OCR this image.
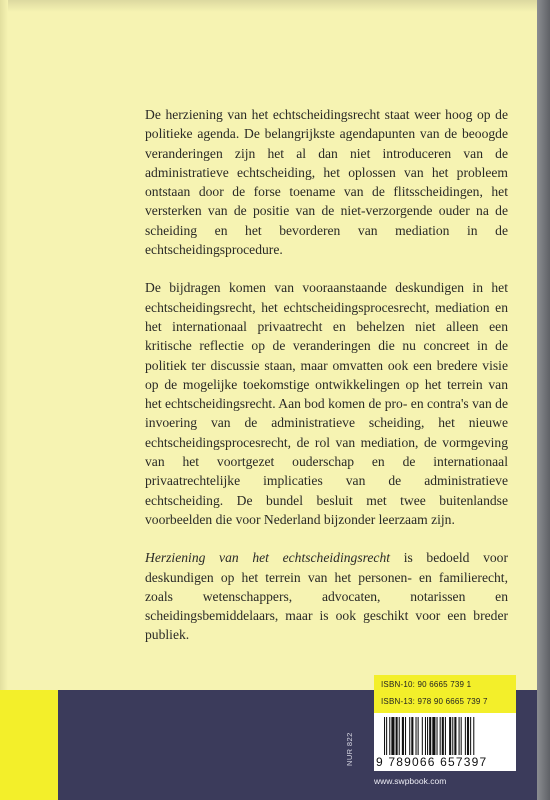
De herziening van het echtscheidingsrecht staat weer hoog op de politieke agenda. De belangrijkste agendapunten van de beoogde veranderingen zijn het al dan niet introduceren van de administratieve echtscheiding, het oplossen van het probleem ontstaan door de forse toename van de flitsscheidingen, het versterken van de positie van de niet-verzorgende ouder na de scheiding en het bevorderen van mediation in de echtscheidingsprocedure.

De bijdragen komen van vooraanstaande deskundigen in het echtscheidingsrecht, het echtscheidingsprocesrecht, mediation en het internationaal privaatrecht en behelzen niet alleen een kritische reflectie op de veranderingen die nu concreet in de politiek ter discussie staan, maar omvatten ook een bredere visie op de mogelijke toekomstige ontwikkelingen op het terrein van het echtscheidingsrecht. Aan bod komen de pro- en contra's van de invoering van de administratieve scheiding, het nieuwe echtscheidingsprocesrecht, de rol van mediation, de vormgeving van het voortgezet ouderschap en de internationaal privaatrechtelijke implicaties van de administratieve echtscheiding. De bundel besluit met twee buitenlandse voorbeelden die voor Nederland bijzonder leerzaam zijn.

Herziening van het echtscheidingsrecht is bedoeld voor deskundigen op het terrein van het personen- en familierecht, zoals wetenschappers, advocaten, notarissen en scheidingsbemiddelaars, maar is ook geschikt voor een breder publiek.

ISBN-10: 90 6665 739 1
ISBN-13: 978 90 6665 739 7
NUR 822 9 789066 657397
www.swpbook.com
